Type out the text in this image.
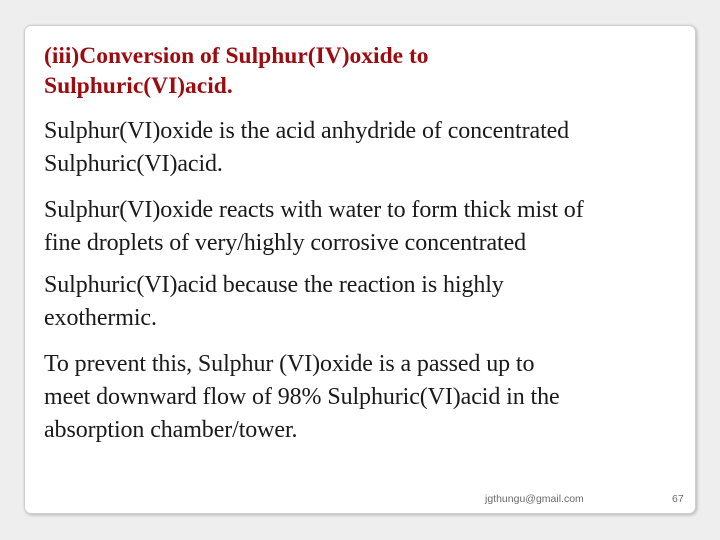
(iii)Conversion of Sulphur(IV)oxide to
Sulphuric(VI)acid.

Sulphur(VI)oxide is the acid anhydride of concentrated
Sulphuric(VI)acid.

Sulphur(VI)oxide reacts with water to form thick mist of
fine droplets of very/highly corrosive concentrated

Sulphuric(VI)acid because the reaction is highly
exothermic.

To prevent this, Sulphur (VI)oxide is a passed up to
meet downward flow of 98% Sulphuric(VI)acid in the
absorption chamber/tower.

jgthungu@gmail.com	67
